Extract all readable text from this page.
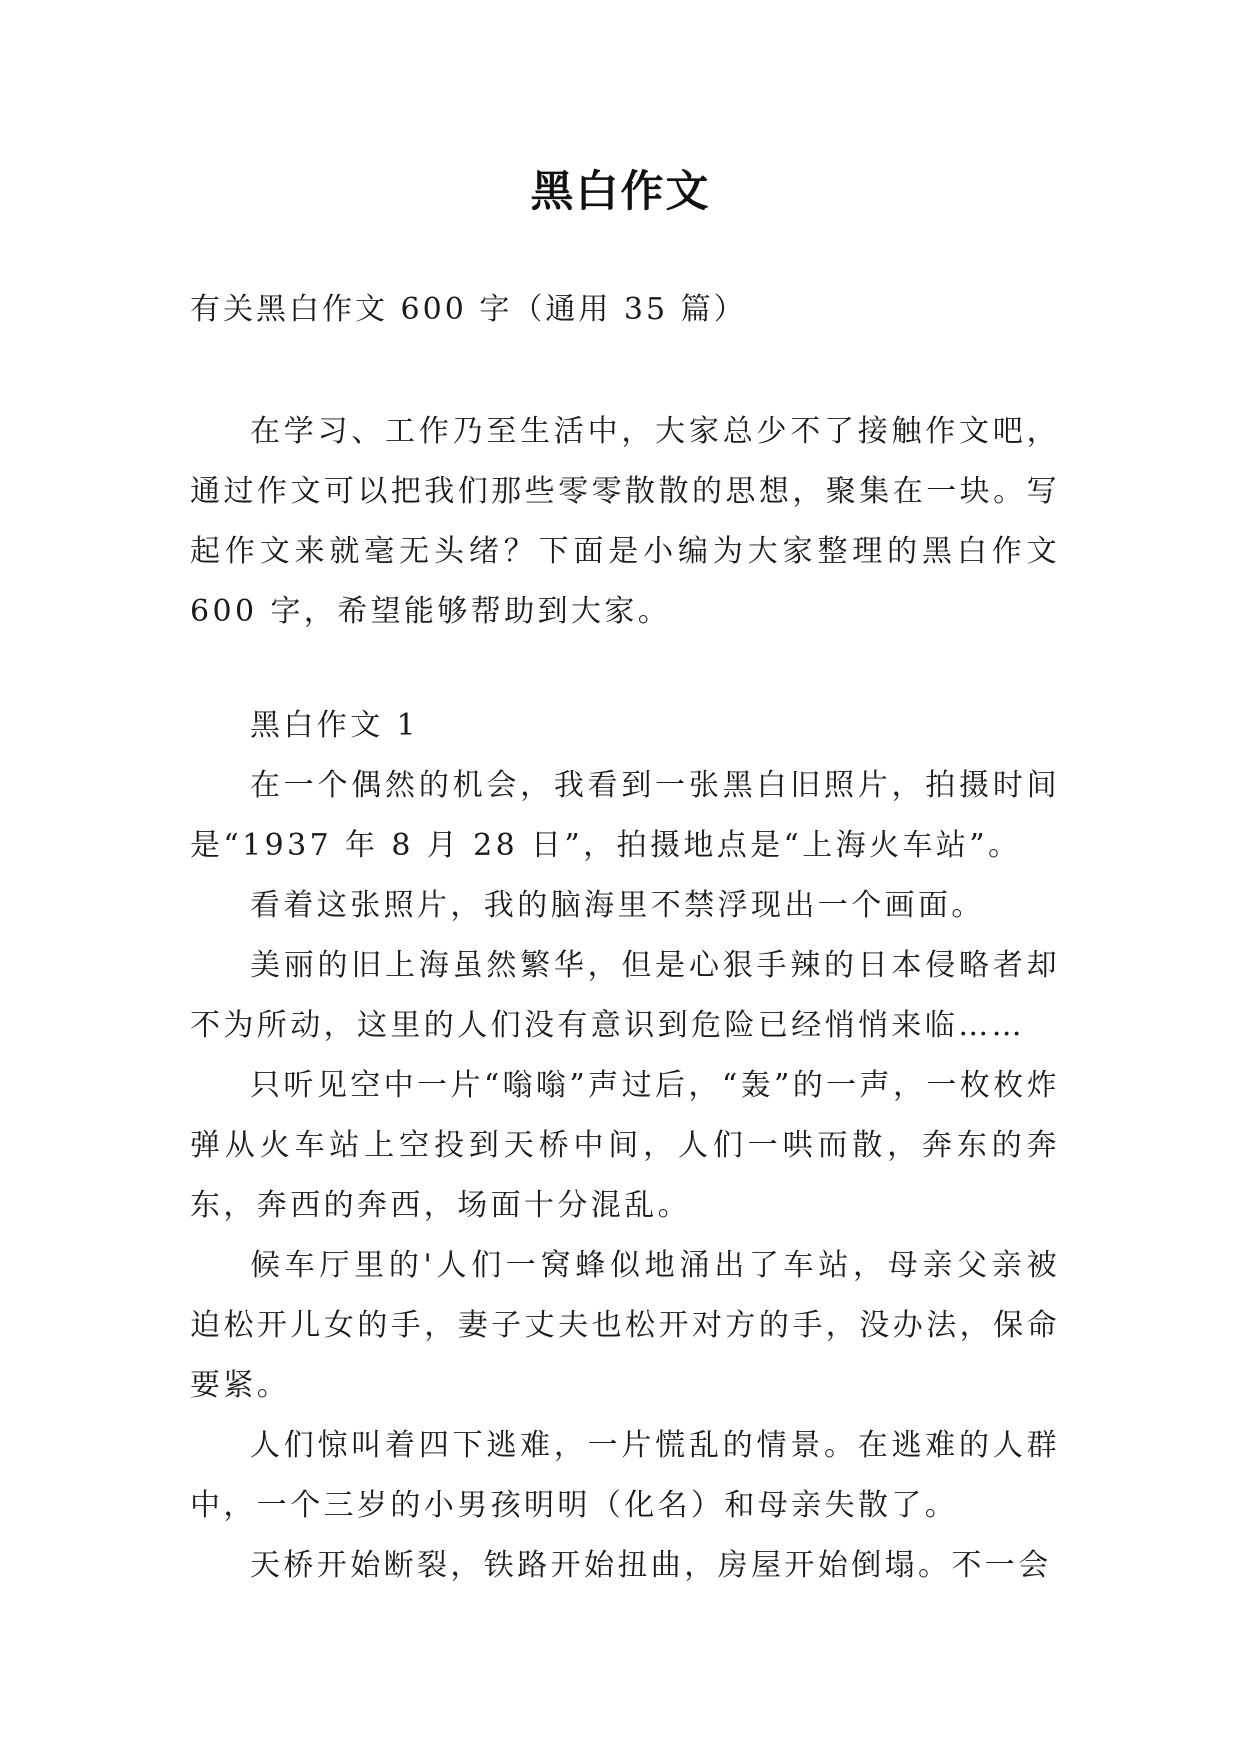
黑白作文

有关黑白作文 600 字（通用 35 篇）

在学习、工作乃至生活中，大家总少不了接触作文吧，通过作文可以把我们那些零零散散的思想，聚集在一块。写起作文来就毫无头绪？下面是小编为大家整理的黑白作文 600 字，希望能够帮助到大家。

黑白作文 1

在一个偶然的机会，我看到一张黑白旧照片，拍摄时间是“1937 年 8 月 28 日”，拍摄地点是“上海火车站”。

看着这张照片，我的脑海里不禁浮现出一个画面。

美丽的旧上海虽然繁华，但是心狠手辣的日本侵略者却不为所动，这里的人们没有意识到危险已经悄悄来临……

只听见空中一片“嗡嗡”声过后，“轰”的一声，一枚枚炸弹从火车站上空投到天桥中间，人们一哄而散，奔东的奔东，奔西的奔西，场面十分混乱。

候车厅里的'人们一窝蜂似地涌出了车站，母亲父亲被迫松开儿女的手，妻子丈夫也松开对方的手，没办法，保命要紧。

人们惊叫着四下逃难，一片慌乱的情景。在逃难的人群中，一个三岁的小男孩明明（化名）和母亲失散了。

天桥开始断裂，铁路开始扭曲，房屋开始倒塌。不一会
